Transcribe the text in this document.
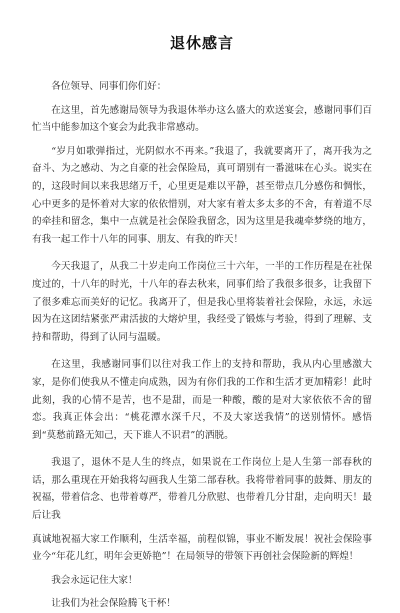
退休感言

各位领导、同事们你们好：

在这里，首先感谢局领导为我退休举办这么盛大的欢送宴会，感谢同事们百忙当中能参加这个宴会为此我非常感动。

“岁月如歌弹指过，光阴似水不再来。”我退了，我就要离开了，离开我为之奋斗、为之感动、为之自豪的社会保险局，真可谓别有一番滋味在心头。说实在的，这段时间以来我思绪万千，心里更是难以平静，甚至带点几分感伤和惆怅，心中更多的是怀着对大家的依依惜别，对大家有着太多太多的不舍，有着道不尽的牵挂和留念，集中一点就是社会保险我留念，因为这里是我魂牵梦绕的地方，有我一起工作十八年的同事、朋友、有我的昨天！

今天我退了，从我二十岁走向工作岗位三十六年，一半的工作历程是在社保度过的，十八年的时光，十八年的春去秋来，同事们给了我很多很多，让我留下了很多难忘而美好的记忆。我离开了，但是我心里将装着社会保险，永远，永远 因为在这团结紧张严肃活拔的大熔炉里，我经受了锻炼与考验，得到了理解、支持和帮助，得到了认同与温暖。

在这里，我感谢同事们以往对我工作上的支持和帮助，我从内心里感激大家，是你们使我从不懂走向成熟，因为有你们我的工作和生活才更加精彩！此时此刻，我的心情不是苦，也不是甜，而是一种酸，酸的是对大家依依不舍的留恋。我真正体会出：“桃花潭水深千尺，不及大家送我情”的送别情怀。感悟到“莫愁前路无知己，天下谁人不识君”的洒脱。

我退了，退休不是人生的终点，如果说在工作岗位上是人生第一部春秋的话，那么重现在开始我将勾画我人生第二部春秋。我将带着同事的鼓舞、朋友的祝福，带着信念、也带着尊严，带着几分欣慰、也带着几分甘甜，走向明天！最后让我

真诚地祝福大家工作顺利，生活幸福，前程似锦，事业不断发展！祝社会保险事业今“年花儿红，明年会更娇艳”！在局领导的带领下再创社会保险新的辉煌！

我会永远记住大家！

让我们为社会保险腾飞干杯！
